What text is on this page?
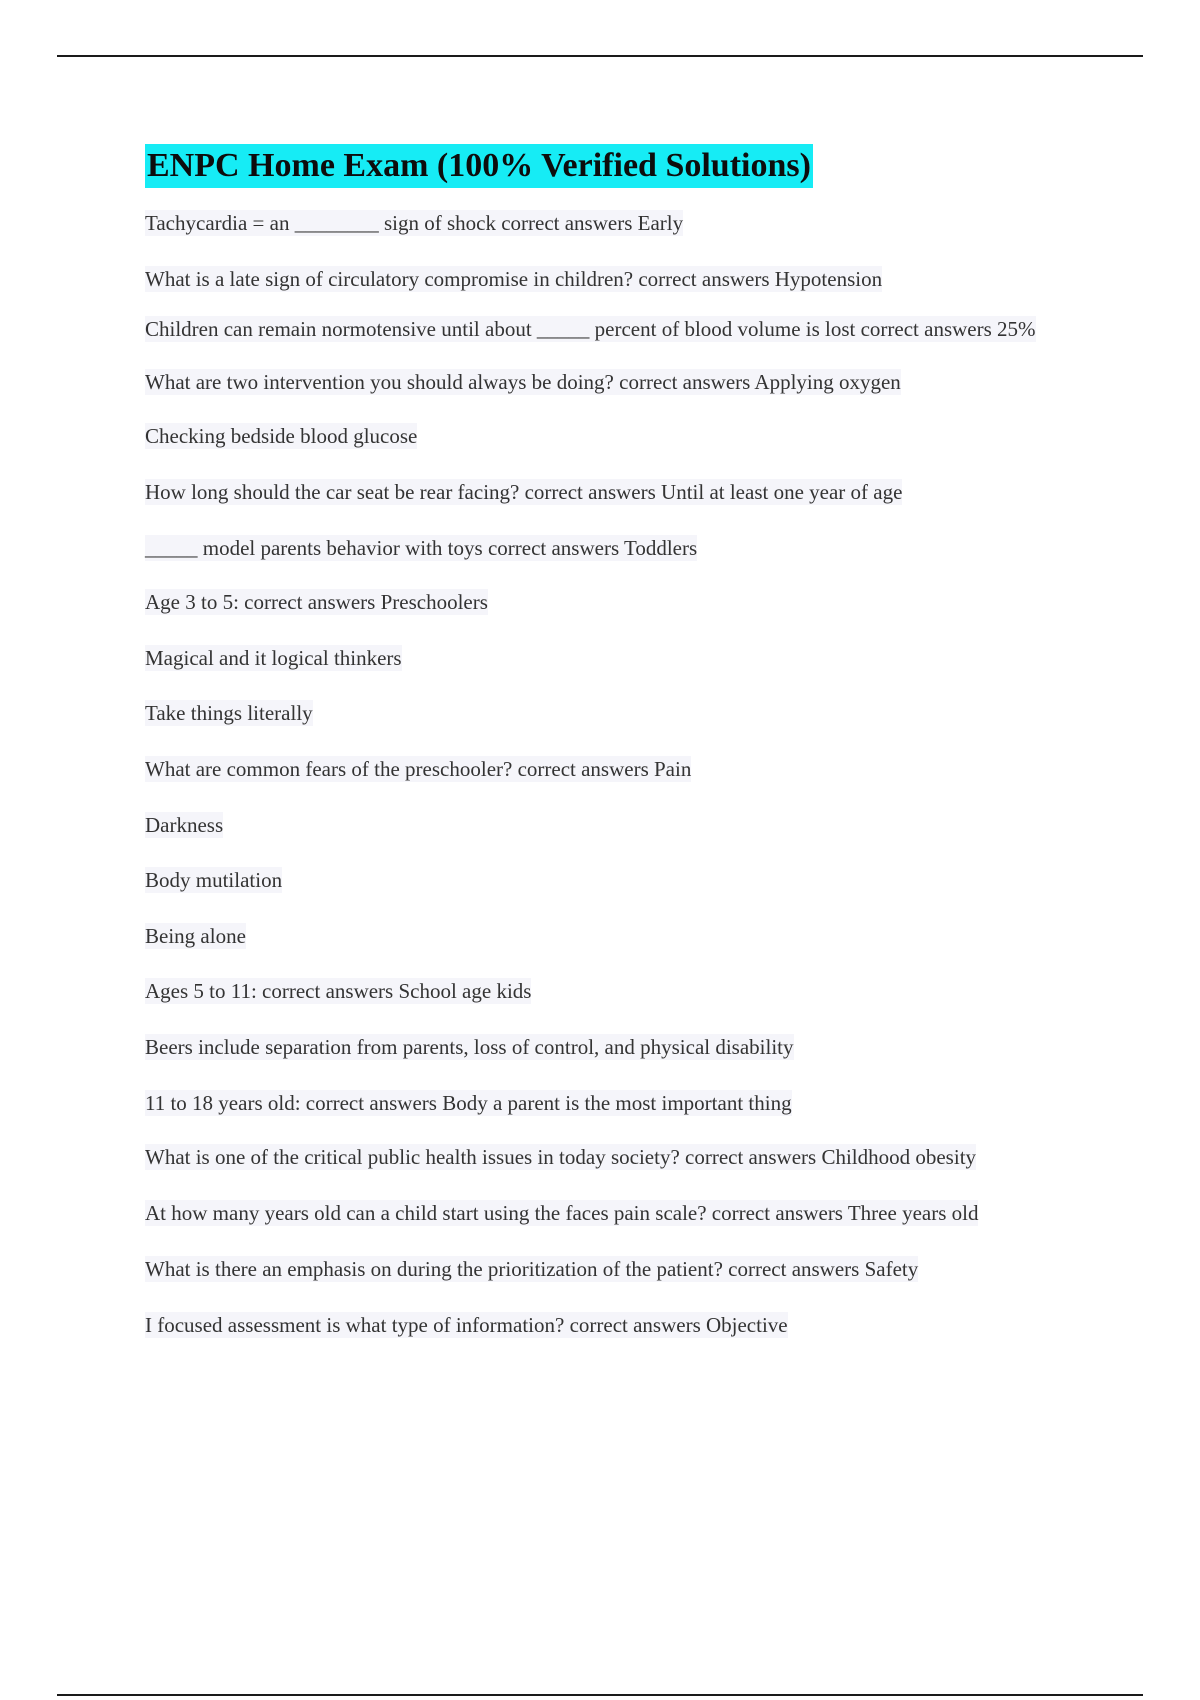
ENPC Home Exam (100% Verified Solutions)

Tachycardia = an ________ sign of shock correct answers Early

What is a late sign of circulatory compromise in children? correct answers Hypotension

Children can remain normotensive until about _____ percent of blood volume is lost correct answers 25%

What are two intervention you should always be doing? correct answers Applying oxygen

Checking bedside blood glucose

How long should the car seat be rear facing? correct answers Until at least one year of age

_____ model parents behavior with toys correct answers Toddlers

Age 3 to 5: correct answers Preschoolers

Magical and it logical thinkers

Take things literally

What are common fears of the preschooler? correct answers Pain

Darkness

Body mutilation

Being alone

Ages 5 to 11: correct answers School age kids

Beers include separation from parents, loss of control, and physical disability

11 to 18 years old: correct answers Body a parent is the most important thing

What is one of the critical public health issues in today society? correct answers Childhood obesity

At how many years old can a child start using the faces pain scale? correct answers Three years old

What is there an emphasis on during the prioritization of the patient? correct answers Safety

I focused assessment is what type of information? correct answers Objective
